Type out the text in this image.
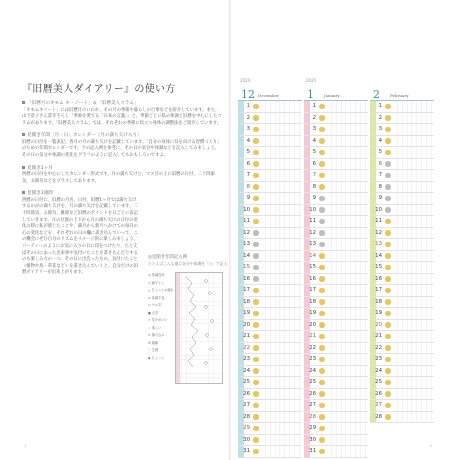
『旧暦美人ダイアリー』の使い方
「旧暦月のオモム キ・ノート」＆「旧暦美人コラム」
「オモムキノート」には旧暦月のいわれ、その月の季節や暮らしの行事などを紹介しています。また、山下景子さん書き下ろし「季節を愛でる「日本の言葉」」と、季節ごとに私の体調と旧暦を中心にしたコラムがあります。「旧暦美人コラム」では、それぞれの季節に役立つ身体の調整法をご紹介しています。
見開き年間「月・日」カレンダー（月の満ち欠け入り）
旧暦の日付を一覧表記、各月の月の満ち欠けを記載しています。「自分の身体に耳を向ける習慣づくり」のための年間カレンダーです。下の記入例を参考に、その日の気分や体調などを記入してみましょう。その日の気分や体調の変化をグラフのように記入してもおもしろいですよ。
見開き1ヶ月
西暦の日付を中心にしたカレンダー形式です。月の満ち欠けと、マス目の上に旧暦の日付、二十四節気、五節句などをプラスしてあります。
見開き1週間
西暦の日付に、旧暦の月名、日付、旧暦1ヶ月では満ち欠けするのがの満ち欠けを、月の満ち欠けを記載しています。二十四節気、五節句、雑節など旧暦のポイントを日ごとに表記していきます。月の位置の上下から月の満ち欠けの日付の変化の時に私が感じたことや、満月から新月へかけての毎日の心の変化などを、それぞれの日の欄に書き込んでいって、この機会にぜひ自分のリズムをイメージ的に楽しみましょう。パーティーのようにお気に入りの日に印をつけたり、たとえばその日にあった出来事や気付いたことを書き込んだりするのも楽しみ方の一つ。その日に出会ったもの、気付いたこと（植物や鳥・草花など）を書き込んでいくと、自分だけの旧暦ダイアリーが出来上がります。
◎見開き年間記入例
たとえばこんな風に気分や体調を「○」で記入
◎ 体調良好
○ 調子よし
△ ちょっとお疲れ
× 体調不良
○ ヤル気
● 元気
◇ 気分がいい
☆ 楽しい
✕ 落ち込み
※ 頭痛
♡ 生理
◆ ちょっと
2024	2025
12 December
1
2
3
4
5
6
7
8
9
10
11
12
13
14
15
16
17
18
19
20
21
22
23
24
25
26
27
28
29
30
31
1	January
1
2
3
4
5
6
7
8
9
10
11
12
13
14
15
16
17
18
19
20
21
22
23
24
25
26
27
28
29
30
31
2	February
1
2
3
4
5
6
7
8
9
10
11
12
13
14
15
16
17
18
19
20
21
22
23
24
25
26
27
28
1	2
